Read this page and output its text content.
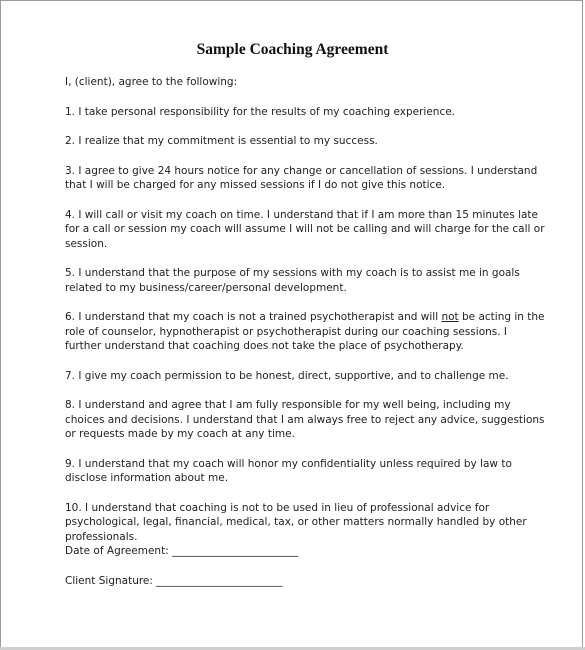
Sample Coaching Agreement

I, (client), agree to the following:

1. I take personal responsibility for the results of my coaching experience.

2. I realize that my commitment is essential to my success.

3. I agree to give 24 hours notice for any change or cancellation of sessions. I understand that I will be charged for any missed sessions if I do not give this notice.

4. I will call or visit my coach on time. I understand that if I am more than 15 minutes late for a call or session my coach will assume I will not be calling and will charge for the call or session.

5. I understand that the purpose of my sessions with my coach is to assist me in goals related to my business/career/personal development.

6. I understand that my coach is not a trained psychotherapist and will not be acting in the role of counselor, hypnotherapist or psychotherapist during our coaching sessions. I further understand that coaching does not take the place of psychotherapy.

7. I give my coach permission to be honest, direct, supportive, and to challenge me.

8. I understand and agree that I am fully responsible for my well being, including my choices and decisions. I understand that I am always free to reject any advice, suggestions or requests made by my coach at any time.

9. I understand that my coach will honor my confidentiality unless required by law to disclose information about me.

10. I understand that coaching is not to be used in lieu of professional advice for psychological, legal, financial, medical, tax, or other matters normally handled by other professionals.

Date of Agreement: ________________________
Client Signature: ________________________
